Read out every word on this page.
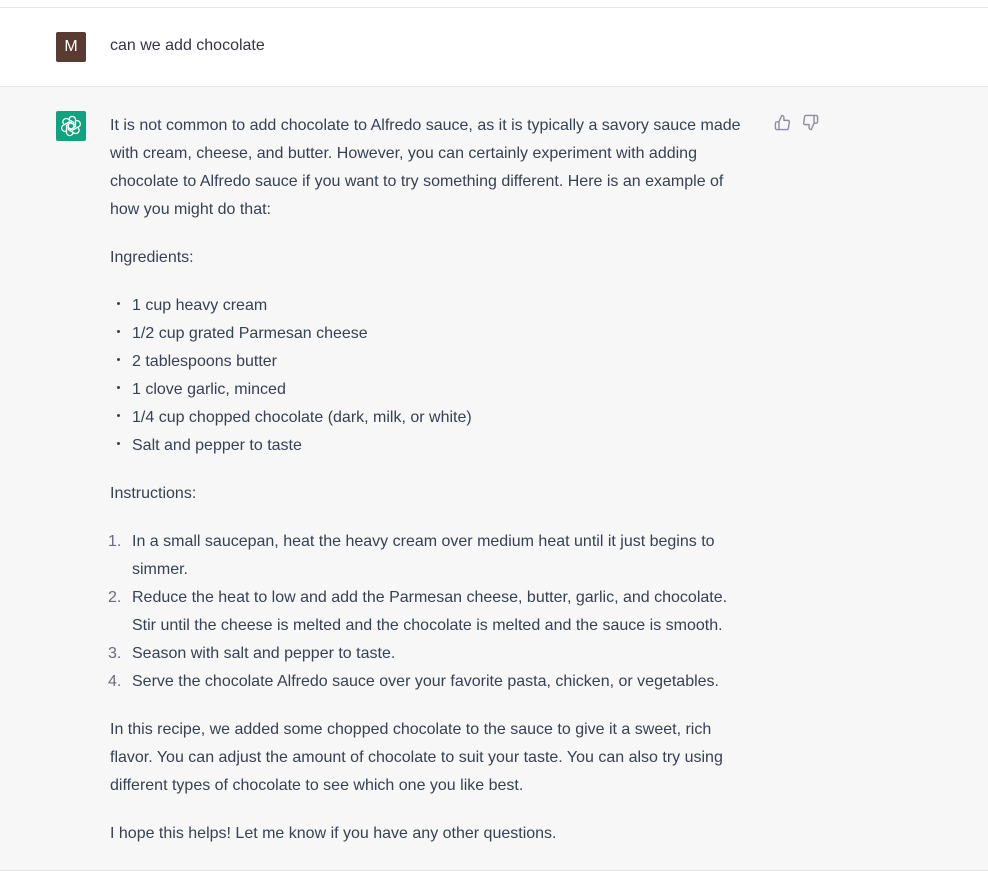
M	can we add chocolate

It is not common to add chocolate to Alfredo sauce, as it is typically a savory sauce made with cream, cheese, and butter. However, you can certainly experiment with adding chocolate to Alfredo sauce if you want to try something different. Here is an example of how you might do that:

Ingredients:

1 cup heavy cream
1/2 cup grated Parmesan cheese
2 tablespoons butter
1 clove garlic, minced
1/4 cup chopped chocolate (dark, milk, or white)
Salt and pepper to taste

Instructions:

1. In a small saucepan, heat the heavy cream over medium heat until it just begins to simmer.
2. Reduce the heat to low and add the Parmesan cheese, butter, garlic, and chocolate. Stir until the cheese is melted and the chocolate is melted and the sauce is smooth.
3. Season with salt and pepper to taste.
4. Serve the chocolate Alfredo sauce over your favorite pasta, chicken, or vegetables.

In this recipe, we added some chopped chocolate to the sauce to give it a sweet, rich flavor. You can adjust the amount of chocolate to suit your taste. You can also try using different types of chocolate to see which one you like best.

I hope this helps! Let me know if you have any other questions.
